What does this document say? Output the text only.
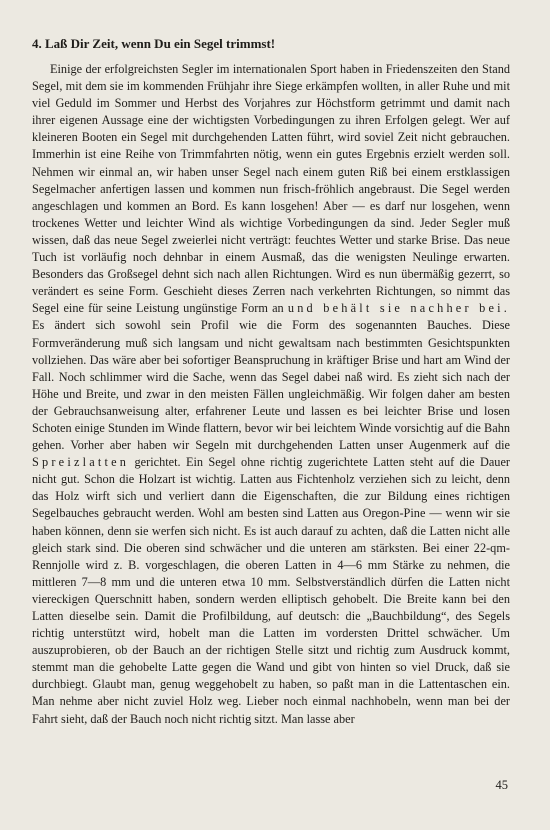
4. Laß Dir Zeit, wenn Du ein Segel trimmst!

Einige der erfolgreichsten Segler im internationalen Sport haben in Friedenszeiten den Stand Segel, mit dem sie im kommenden Frühjahr ihre Siege erkämpfen wollten, in aller Ruhe und mit viel Geduld im Sommer und Herbst des Vorjahres zur Höchstform getrimmt und damit nach ihrer eigenen Aussage eine der wichtigsten Vorbedingungen zu ihren Erfolgen gelegt. Wer auf kleineren Booten ein Segel mit durchgehenden Latten führt, wird soviel Zeit nicht gebrauchen. Immerhin ist eine Reihe von Trimmfahrten nötig, wenn ein gutes Ergebnis erzielt werden soll. Nehmen wir einmal an, wir haben unser Segel nach einem guten Riß bei einem erstklassigen Segelmacher anfertigen lassen und kommen nun frisch-fröhlich angebraust. Die Segel werden angeschlagen und kommen an Bord. Es kann losgehen! Aber — es darf nur losgehen, wenn trockenes Wetter und leichter Wind als wichtige Vorbedingungen da sind. Jeder Segler muß wissen, daß das neue Segel zweierlei nicht verträgt: feuchtes Wetter und starke Brise. Das neue Tuch ist vorläufig noch dehnbar in einem Ausmaß, das die wenigsten Neulinge erwarten. Besonders das Großsegel dehnt sich nach allen Richtungen. Wird es nun übermäßig gezerrt, so verändert es seine Form. Geschieht dieses Zerren nach verkehrten Richtungen, so nimmt das Segel eine für seine Leistung ungünstige Form an und behält sie nachher bei. Es ändert sich sowohl sein Profil wie die Form des sogenannten Bauches. Diese Formveränderung muß sich langsam und nicht gewaltsam nach bestimmten Gesichtspunkten vollziehen. Das wäre aber bei sofortiger Beanspruchung in kräftiger Brise und hart am Wind der Fall. Noch schlimmer wird die Sache, wenn das Segel dabei naß wird. Es zieht sich nach der Höhe und Breite, und zwar in den meisten Fällen ungleichmäßig. Wir folgen daher am besten der Gebrauchsanweisung alter, erfahrener Leute und lassen es bei leichter Brise und losen Schoten einige Stunden im Winde flattern, bevor wir bei leichtem Winde vorsichtig auf die Bahn gehen. Vorher aber haben wir Segeln mit durchgehenden Latten unser Augenmerk auf die Spreizlatten gerichtet. Ein Segel ohne richtig zugerichtete Latten steht auf die Dauer nicht gut. Schon die Holzart ist wichtig. Latten aus Fichtenholz verziehen sich zu leicht, denn das Holz wirft sich und verliert dann die Eigenschaften, die zur Bildung eines richtigen Segelbauches gebraucht werden. Wohl am besten sind Latten aus Oregon-Pine — wenn wir sie haben können, denn sie werfen sich nicht. Es ist auch darauf zu achten, daß die Latten nicht alle gleich stark sind. Die oberen sind schwächer und die unteren am stärksten. Bei einer 22-qm-Rennjolle wird z. B. vorgeschlagen, die oberen Latten in 4—6 mm Stärke zu nehmen, die mittleren 7—8 mm und die unteren etwa 10 mm. Selbstverständlich dürfen die Latten nicht viereckigen Querschnitt haben, sondern werden elliptisch gehobelt. Die Breite kann bei den Latten dieselbe sein. Damit die Profilbildung, auf deutsch: die „Bauchbildung“, des Segels richtig unterstützt wird, hobelt man die Latten im vordersten Drittel schwächer. Um auszuprobieren, ob der Bauch an der richtigen Stelle sitzt und richtig zum Ausdruck kommt, stemmt man die gehobelte Latte gegen die Wand und gibt von hinten so viel Druck, daß sie durchbiegt. Glaubt man, genug weggehobelt zu haben, so paßt man in die Lattentaschen ein. Man nehme aber nicht zuviel Holz weg. Lieber noch einmal nachhobeln, wenn man bei der Fahrt sieht, daß der Bauch noch nicht richtig sitzt. Man lasse aber

45
